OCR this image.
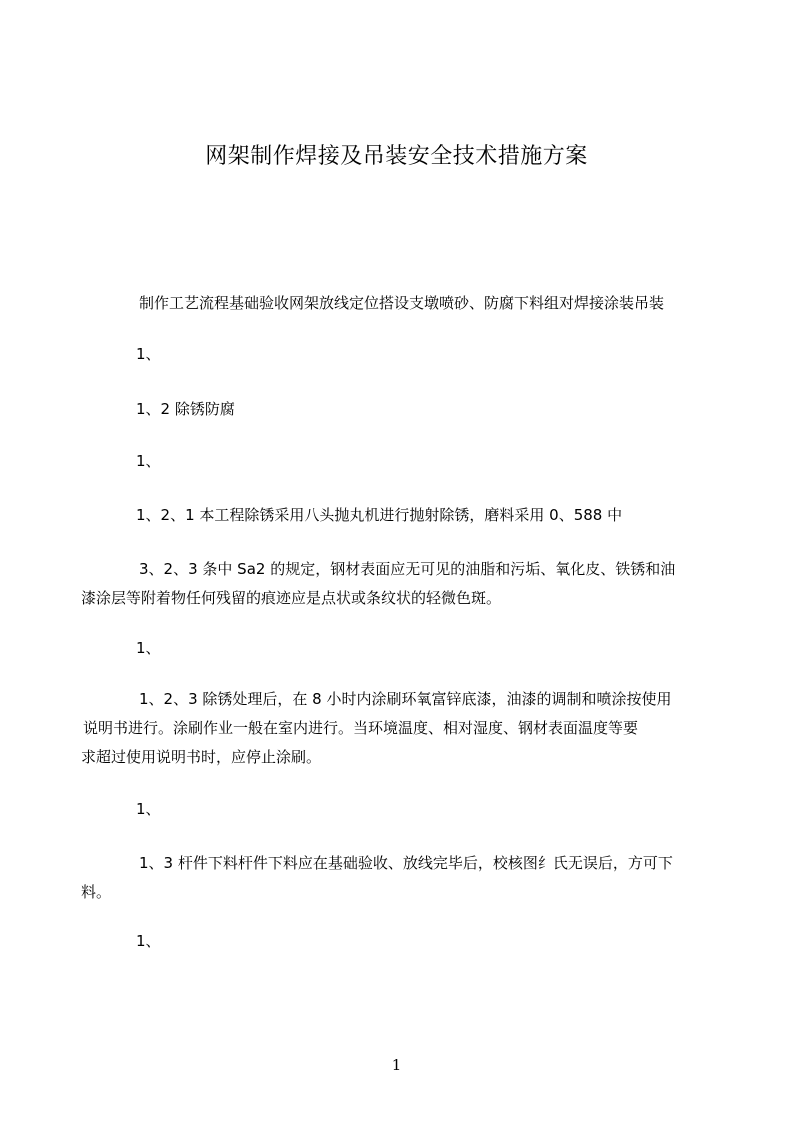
网架制作焊接及吊装安全技术措施方案
制作工艺流程基础验收网架放线定位搭设支墩喷砂、防腐下料组对焊接涂装吊装
1、
1、2 除锈防腐
1、
1、2、1 本工程除锈采用八头抛丸机进行抛射除锈，磨料采用 0、588 中
3、2、3 条中 Sa2 的规定，钢材表面应无可见的油脂和污垢、氧化皮、铁锈和油
漆涂层等附着物任何残留的痕迹应是点状或条纹状的轻微色斑。
1、
1、2、3 除锈处理后，在 8 小时内涂刷环氧富锌底漆，油漆的调制和喷涂按使用
说明书进行。涂刷作业一般在室内进行。当环境温度、相对湿度、钢材表面温度等要
求超过使用说明书时，应停止涂刷。
1、
1、3 杆件下料杆件下料应在基础验收、放线完毕后，校核图纟氏无误后，方可下
料。
1、
1
